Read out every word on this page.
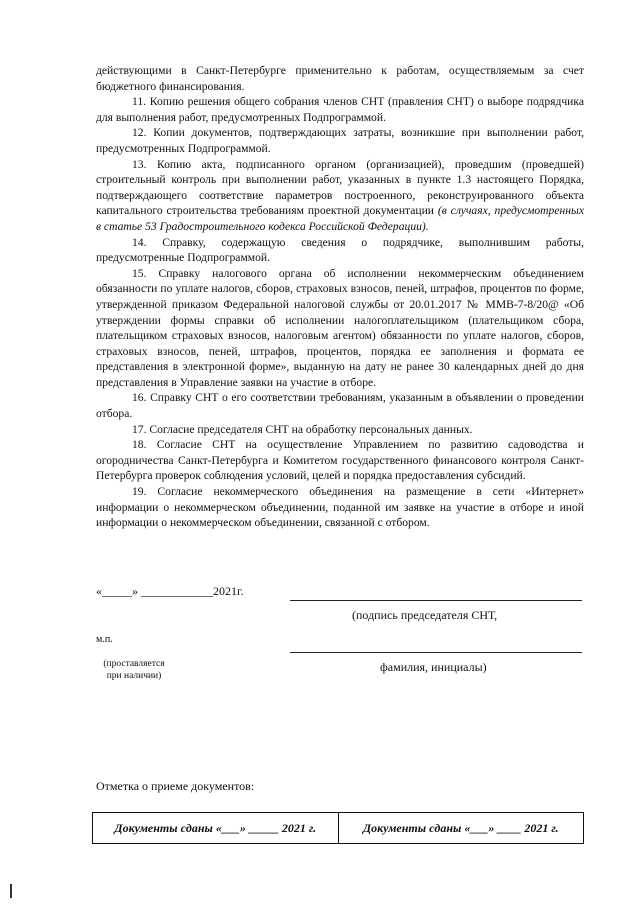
действующими в Санкт-Петербурге применительно к работам, осуществляемым за счет бюджетного финансирования.

11. Копию решения общего собрания членов СНТ (правления СНТ) о выборе подрядчика для выполнения работ, предусмотренных Подпрограммой.

12. Копии документов, подтверждающих затраты, возникшие при выполнении работ, предусмотренных Подпрограммой.

13. Копию акта, подписанного органом (организацией), проведшим (проведшей) строительный контроль при выполнении работ, указанных в пункте 1.3 настоящего Порядка, подтверждающего соответствие параметров построенного, реконструированного объекта капитального строительства требованиям проектной документации (в случаях, предусмотренных в статье 53 Градостроительного кодекса Российской Федерации).

14. Справку, содержащую сведения о подрядчике, выполнившим работы, предусмотренные Подпрограммой.

15. Справку налогового органа об исполнении некоммерческим объединением обязанности по уплате налогов, сборов, страховых взносов, пеней, штрафов, процентов по форме, утвержденной приказом Федеральной налоговой службы от 20.01.2017 № ММВ-7-8/20@ «Об утверждении формы справки об исполнении налогоплательщиком (плательщиком сбора, плательщиком страховых взносов, налоговым агентом) обязанности по уплате налогов, сборов, страховых взносов, пеней, штрафов, процентов, порядка ее заполнения и формата ее представления в электронной форме», выданную на дату не ранее 30 календарных дней до дня представления в Управление заявки на участие в отборе.

16. Справку СНТ о его соответствии требованиям, указанным в объявлении о проведении отбора.

17. Согласие председателя СНТ на обработку персональных данных.

18. Согласие СНТ на осуществление Управлением по развитию садоводства и огородничества Санкт-Петербурга и Комитетом государственного финансового контроля Санкт-Петербурга проверок соблюдения условий, целей и порядка предоставления субсидий.

19. Согласие некоммерческого объединения на размещение в сети «Интернет» информации о некоммерческом объединении, поданной им заявке на участие в отборе и иной информации о некоммерческом объединении, связанной с отбором.

«_____» ____________2021г.
(подпись председателя СНТ,
м.п.
(проставляется при наличии)
фамилия, инициалы)
Отметка о приеме документов:
Документы сданы «___» _____ 2021 г.	Документы сданы «___» ____ 2021 г.
